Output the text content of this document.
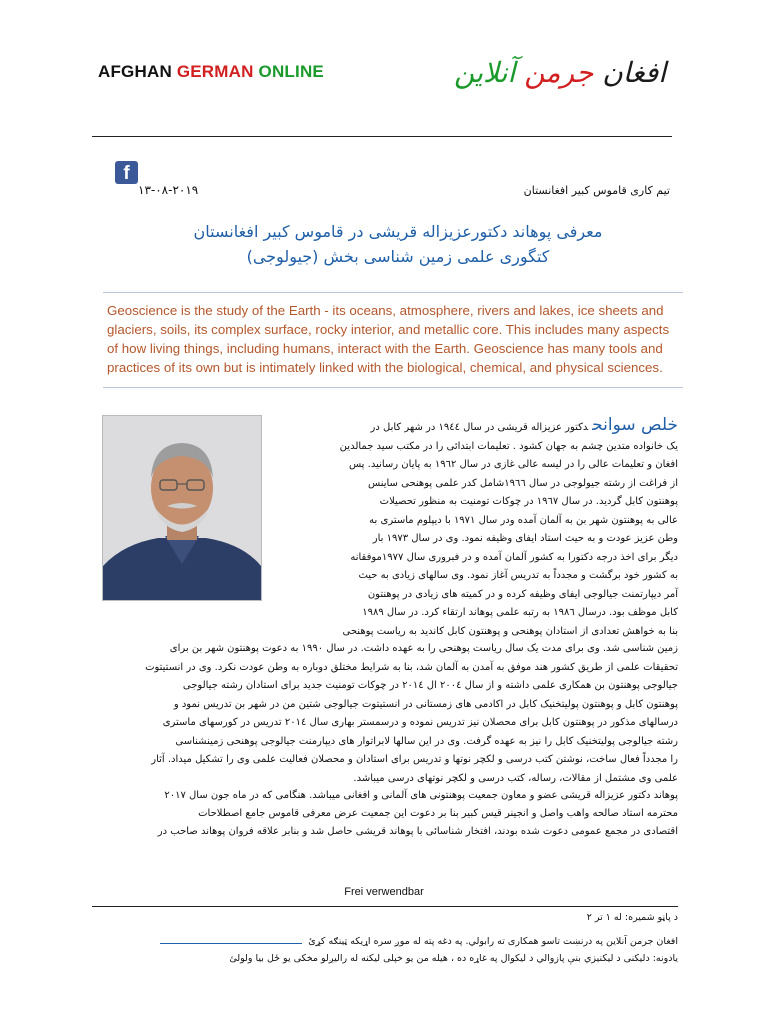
AFGHAN GERMAN ONLINE	افغان جرمن آنلاین
f
۱۳-۰۸-۲۰۱۹	تیم کاری قاموس کبیر افغانستان
معرفی پوهاند دکتورعزیزاله قریشی در قاموس کبیر افغانستان
کتگوری علمی زمین شناسی بخش (جیولوجی)
Geoscience is the study of the Earth - its oceans, atmosphere, rivers and lakes, ice sheets and glaciers, soils, its complex surface, rocky interior, and metallic core. This includes many aspects of how living things, including humans, interact with the Earth. Geoscience has many tools and practices of its own but is intimately linked with the biological, chemical, and physical sciences.
خلص سوانحدکتور عزیزاله قریشی در سال ١٩٤٤ در شهر کابل در
یک خانواده متدین چشم به جهان کشود . تعلیمات ابتدائی را در مکتب سید جمالدین
افغان و تعلیمات عالی را در لیسه عالی غازی در سال ١٩٦٢ به پایان رسانید. پس
از فراغت از رشته جیولوجی در سال ١٩٦٦شامل کدر علمی پوهنحی ساینس
پوهنتون کابل گردید. در سال ١٩٦٧ در چوکات تومنیت به منظور تحصیلات
عالی به پوهنتون شهر بن به آلمان آمده ودر سال ١٩٧١ با دیپلوم ماستری به
وطن عزیز عودت و به حیث استاد ایفای وظیفه نمود. وی در سال ١٩٧٣ بار
دیگر برای اخذ درجه دکتورا به کشور آلمان آمده و در فبروری سال ١٩٧٧موفقانه
به کشور خود برگشت و مجدداً به تدریس آغاز نمود. وی سالهای زیادی به حیث
آمر دیپارتمنت جیالوجی ایفای وظیفه کرده و در کمیته های زیادی در پوهنتون
کابل موظف بود. درسال ١٩٨٦ به رتبه علمی پوهاند ارتقاء کرد. در سال ١٩٨٩
بنا به خواهش تعدادی از استادان پوهنحی و پوهنتون کابل کاندید به ریاست پوهنحی
زمین شناسی شد. وی برای مدت یک سال ریاست پوهنحی را به عهده داشت. در سال ١٩٩٠ به دعوت پوهنتون شهر بن برای
تحقیقات علمی از طریق کشور هند موفق به آمدن به آلمان شد، بنا به شرایط مختلق دوباره به وطن عودت نکرد. وی در انستیتوت
جیالوجی پوهنتون بن همکاری علمی داشته و از سال ٢٠٠٤ ال ٢٠١٤ در چوکات تومنیت جدید برای استادان رشته جیالوجی
پوهنتون کابل و پوهنتون پولیتخنیک کابل در اکادمی های زمستانی در انستیتوت جیالوجی شتین من در شهر بن تدریس نمود و
درسالهای مذکور در پوهنتون کابل برای محصلان نیز تدریس نموده و درسمستر بهاری سال ٢٠١٤ تدریس در کورسهای ماستری
رشته جیالوجی پولیتخنیک کابل را نیز به عهده گرفت. وی در این سالها لابراتوار های دیپارمنت جیالوجی پوهنحی زمینشناسی
را مجدداً فعال ساخت، نوشتن کتب درسی و لکچر نوتها و تدریس برای استادان و محصلان فعالیت علمی وی را تشکیل میداد. آثار
علمی وی مشتمل از مقالات، رساله، کتب درسی و لکچر نوتهای درسی میباشد.
پوهاند دکتور عزیزاله قریشی عضو و معاون جمعیت پوهنتونی های آلمانی و افغانی میباشد. هنگامی که در ماه جون سال ٢٠١٧
محترمه استاد صالحه واهب واصل و انجینر قیس کبیر بنا بر دعوت این جمعیت عرض معرفی قاموس جامع اصطلاحات
اقتصادی در مجمع عمومی دعوت شده بودند، افتخار شناسائی با پوهاند قریشی حاصل شد و بنابر علاقه فروان پوهاند صاحب در
Frei verwendbar
د پاڼو شمیره: له ۱ تر ۲
افغان جرمن آنلاین په درنښت تاسو همکاری ته رابولي. په دغه پته له موږ سره اړیکه ټینګه کړئ
یادونه: دلیکنی د لیکنیزي بنې پازوالي د لیکوال په غاړه ده ، هیله من یو خپلی لیکنه له رالیږلو مخکی یو ځل بیا ولولئ
